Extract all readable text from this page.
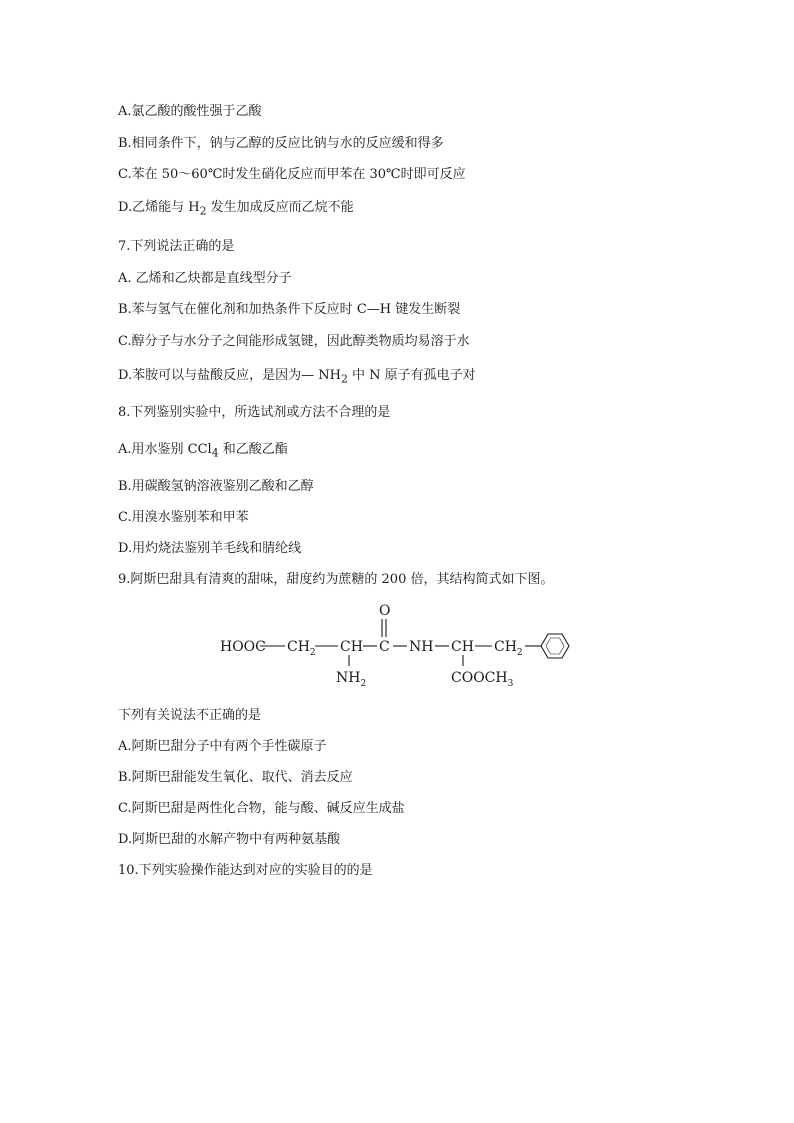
A.氯乙酸的酸性强于乙酸
B.相同条件下，钠与乙醇的反应比钠与水的反应缓和得多
C.苯在 50～60℃时发生硝化反应而甲苯在 30℃时即可反应
D.乙烯能与 $H_2$ 发生加成反应而乙烷不能
7.下列说法正确的是
A. 乙烯和乙炔都是直线型分子
B.苯与氢气在催化剂和加热条件下反应时 C—H 键发生断裂
C.醇分子与水分子之间能形成氢键，因此醇类物质均易溶于水
D.苯胺可以与盐酸反应，是因为— $NH_2$ 中 N 原子有孤电子对
8.下列鉴别实验中，所选试剂或方法不合理的是
A.用水鉴别 CCl$_4$ 和乙酸乙酯
B.用碳酸氢钠溶液鉴别乙酸和乙醇
C.用溴水鉴别苯和甲苯
D.用灼烧法鉴别羊毛线和腈纶线
9.阿斯巴甜具有清爽的甜味，甜度约为蔗糖的 200 倍，其结构简式如下图。
HOOC $CH_2$ CH
$NH_2$
C
O
NH CH
$COOCH_3$
$CH_2$
下列有关说法不正确的是
A.阿斯巴甜分子中有两个手性碳原子
B.阿斯巴甜能发生氧化、取代、消去反应
C.阿斯巴甜是两性化合物，能与酸、碱反应生成盐
D.阿斯巴甜的水解产物中有两种氨基酸
10.下列实验操作能达到对应的实验目的的是
